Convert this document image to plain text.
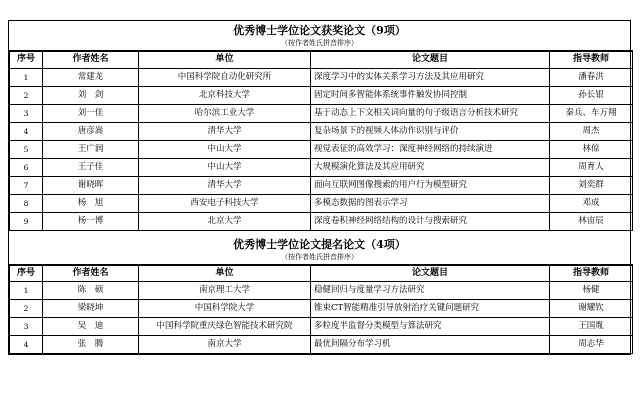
优秀博士学位论文获奖论文（9项）
（按作者姓氏拼音排序）
序号	作者姓名	单位	论文题目	指导教师
1	常建龙	中国科学院自动化研究所	深度学习中的实体关系学习方法及其应用研究	潘春洪
2	刘　剑	北京科技大学	固定时间多智能体系统事件触发协同控制	孙长银
3	刘一佳	哈尔滨工业大学	基于动态上下文相关词向量的句子级语言分析技术研究	秦兵、车万翔
4	唐彦嵩	清华大学	复杂场景下的视频人体动作识别与评价	周杰
5	王广润	中山大学	视觉表征的高效学习：深度神经网络的持续演进	林倞
6	王子佳	中山大学	大规模演化算法及其应用研究	周育人
7	谢晓晖	清华大学	面向互联网图像搜索的用户行为模型研究	刘奕群
8	杨　旭	西安电子科技大学	多模态数据的图表示学习	邓成
9	杨一博	北京大学	深度卷积神经网络结构的设计与搜索研究	林宙辰
优秀博士学位论文提名论文（4项）
（按作者姓氏拼音排序）
序号	作者姓名	单位	论文题目	指导教师
1	陈　硕	南京理工大学	稳健回归与度量学习方法研究	杨健
2	梁晓坤	中国科学院大学	锥束CT智能精准引导放射治疗关键问题研究	谢耀钦
3	吴　迪	中国科学院重庆绿色智能技术研究院	多粒度半监督分类模型与算法研究	王国胤
4	张　腾	南京大学	最优间隔分布学习机	周志华
